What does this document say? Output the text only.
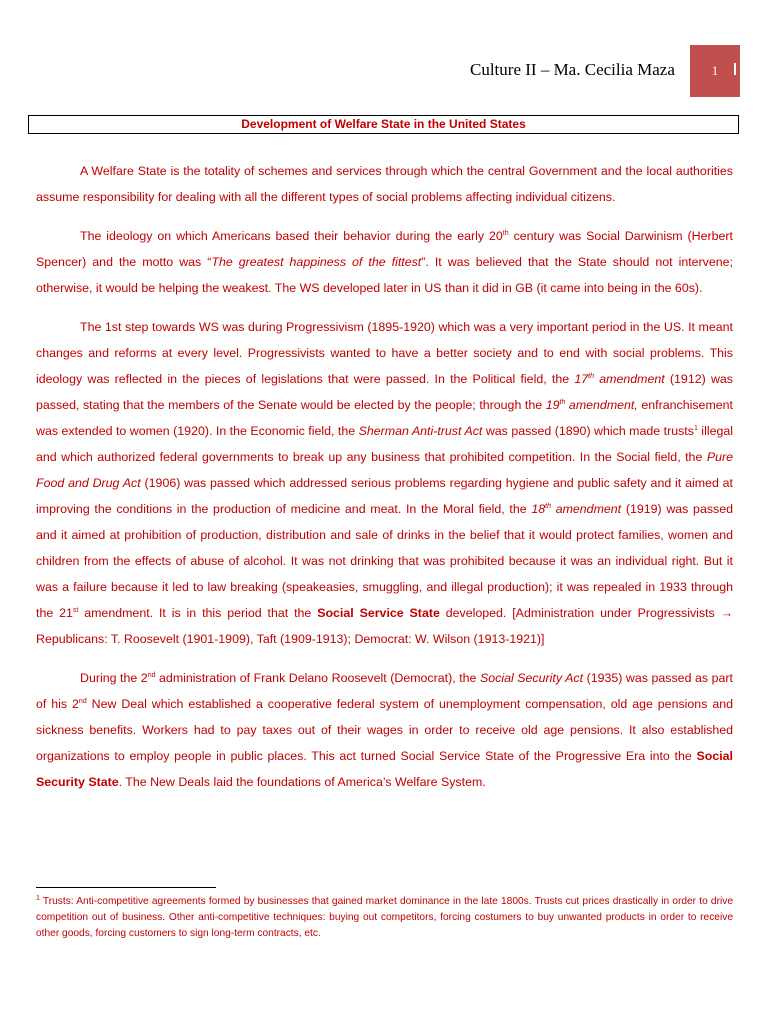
Culture II – Ma. Cecilia Maza	1
Development of Welfare State in the United States

A Welfare State is the totality of schemes and services through which the central Government and the local authorities assume responsibility for dealing with all the different types of social problems affecting individual citizens.

The ideology on which Americans based their behavior during the early 20th century was Social Darwinism (Herbert Spencer) and the motto was “The greatest happiness of the fittest”. It was believed that the State should not intervene; otherwise, it would be helping the weakest. The WS developed later in US than it did in GB (it came into being in the 60s).

The 1st step towards WS was during Progressivism (1895-1920) which was a very important period in the US. It meant changes and reforms at every level. Progressivists wanted to have a better society and to end with social problems. This ideology was reflected in the pieces of legislations that were passed. In the Political field, the 17th amendment (1912) was passed, stating that the members of the Senate would be elected by the people; through the 19th amendment, enfranchisement was extended to women (1920). In the Economic field, the Sherman Anti-trust Act was passed (1890) which made trusts$^1$ illegal and which authorized federal governments to break up any business that prohibited competition. In the Social field, the Pure Food and Drug Act (1906) was passed which addressed serious problems regarding hygiene and public safety and it aimed at improving the conditions in the production of medicine and meat. In the Moral field, the 18th amendment (1919) was passed and it aimed at prohibition of production, distribution and sale of drinks in the belief that it would protect families, women and children from the effects of abuse of alcohol. It was not drinking that was prohibited because it was an individual right. But it was a failure because it led to law breaking (speakeasies, smuggling, and illegal production); it was repealed in 1933 through the 21st amendment. It is in this period that the Social Service State developed. [Administration under Progressivists → Republicans: T. Roosevelt (1901-1909), Taft (1909-1913); Democrat: W. Wilson (1913-1921)]

During the 2nd administration of Frank Delano Roosevelt (Democrat), the Social Security Act (1935) was passed as part of his 2nd New Deal which established a cooperative federal system of unemployment compensation, old age pensions and sickness benefits. Workers had to pay taxes out of their wages in order to receive old age pensions. It also established organizations to employ people in public places. This act turned Social Service State of the Progressive Era into the Social Security State. The New Deals laid the foundations of America’s Welfare System.

$^1$ Trusts: Anti-competitive agreements formed by businesses that gained market dominance in the late 1800s. Trusts cut prices drastically in order to drive competition out of business. Other anti-competitive techniques: buying out competitors, forcing costumers to buy unwanted products in order to receive other goods, forcing customers to sign long-term contracts, etc.
